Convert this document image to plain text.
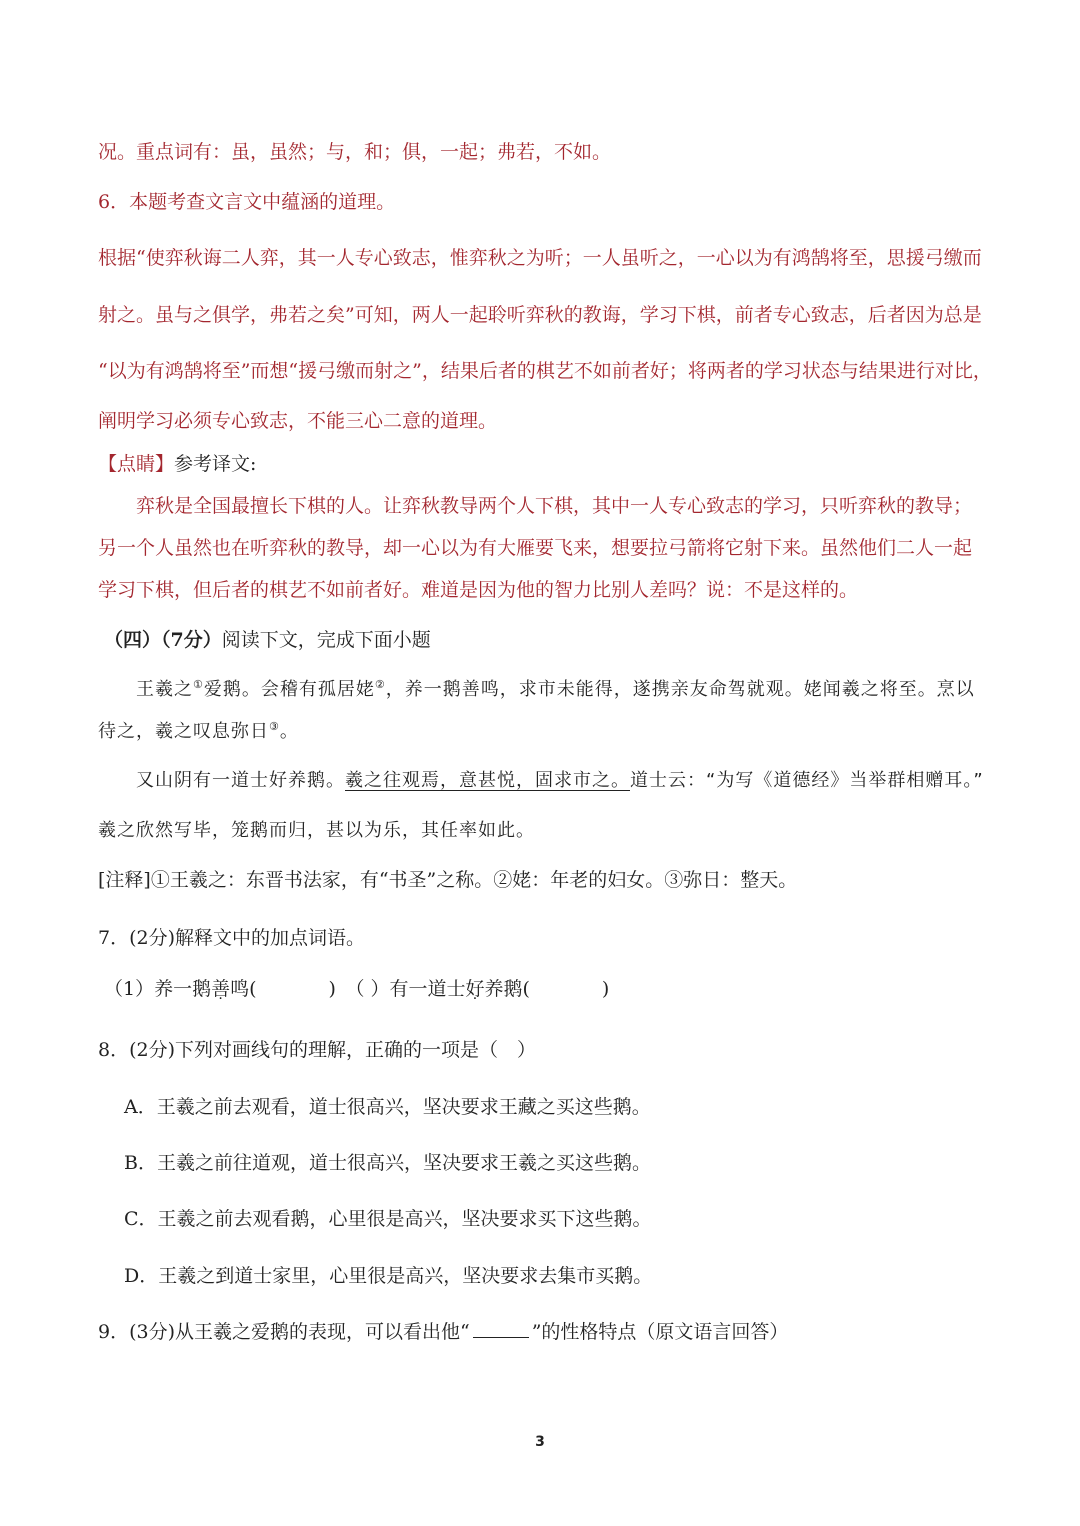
况。重点词有：虽，虽然；与，和；俱，一起；弗若，不如。
6．本题考查文言文中蕴涵的道理。
根据“使弈秋诲二人弈，其一人专心致志，惟弈秋之为听；一人虽听之，一心以为有鸿鹄将至，思援弓缴而
射之。虽与之俱学，弗若之矣”可知，两人一起聆听弈秋的教诲，学习下棋，前者专心致志，后者因为总是
“以为有鸿鹄将至”而想“援弓缴而射之”，结果后者的棋艺不如前者好；将两者的学习状态与结果进行对比，
阐明学习必须专心致志，不能三心二意的道理。
【点睛】参考译文:
弈秋是全国最擅长下棋的人。让弈秋教导两个人下棋，其中一人专心致志的学习，只听弈秋的教导；
另一个人虽然也在听弈秋的教导，却一心以为有大雁要飞来，想要拉弓箭将它射下来。虽然他们二人一起
学习下棋，但后者的棋艺不如前者好。难道是因为他的智力比别人差吗？说：不是这样的。
（四）（7分）阅读下文，完成下面小题
王羲之①爱鹅。会稽有孤居姥②，养一鹅善鸣，求市未能得，遂携亲友命驾就观。姥闻羲之将至。烹以
待之，羲之叹息弥日③。
又山阴有一道士好养鹅。羲之往观焉，意甚悦，固求市之。道士云：“为写《道德经》当举群相赠耳。”
羲之欣然写毕，笼鹅而归，甚以为乐，其任率如此。
[注释]①王羲之：东晋书法家，有“书圣”之称。②姥：年老的妇女。③弥日：整天。
7．(2分)解释文中的加点词语。
（1）养一鹅善鸣(	)　（ ）有一道士好养鹅(	)
8．(2分)下列对画线句的理解，正确的一项是（　）
A．王羲之前去观看，道士很高兴，坚决要求王藏之买这些鹅。
B．王羲之前往道观，道士很高兴，坚决要求王羲之买这些鹅。
C．王羲之前去观看鹅，心里很是高兴，坚决要求买下这些鹅。
D．王羲之到道士家里，心里很是高兴，坚决要求去集市买鹅。
9．(3分)从王羲之爱鹅的表现，可以看出他“	”的性格特点（原文语言回答）
3
